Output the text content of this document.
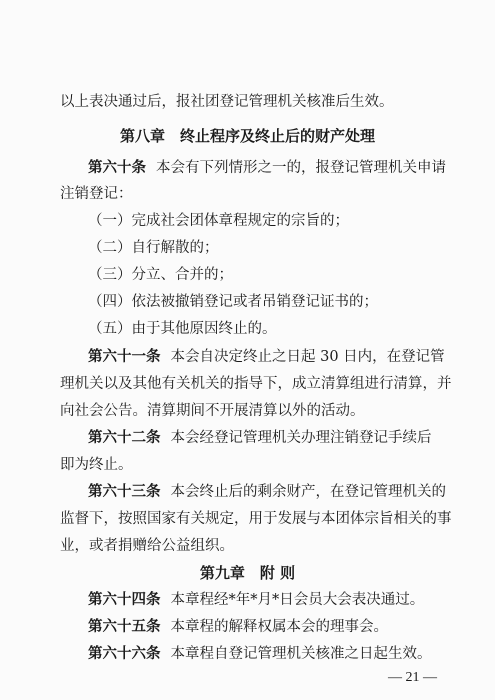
以上表决通过后，报社团登记管理机关核准后生效。
第八章　终止程序及终止后的财产处理
第六十条 本会有下列情形之一的，报登记管理机关申请
注销登记：
（一）完成社会团体章程规定的宗旨的；
（二）自行解散的；
（三）分立、合并的；
（四）依法被撤销登记或者吊销登记证书的；
（五）由于其他原因终止的。
第六十一条 本会自决定终止之日起 30 日内，在登记管
理机关以及其他有关机关的指导下，成立清算组进行清算，并
向社会公告。清算期间不开展清算以外的活动。
第六十二条 本会经登记管理机关办理注销登记手续后
即为终止。
第六十三条 本会终止后的剩余财产，在登记管理机关的
监督下，按照国家有关规定，用于发展与本团体宗旨相关的事
业，或者捐赠给公益组织。
第九章　附 则
第六十四条 本章程经*年*月*日会员大会表决通过。
第六十五条 本章程的解释权属本会的理事会。
第六十六条 本章程自登记管理机关核准之日起生效。
— 21 —
